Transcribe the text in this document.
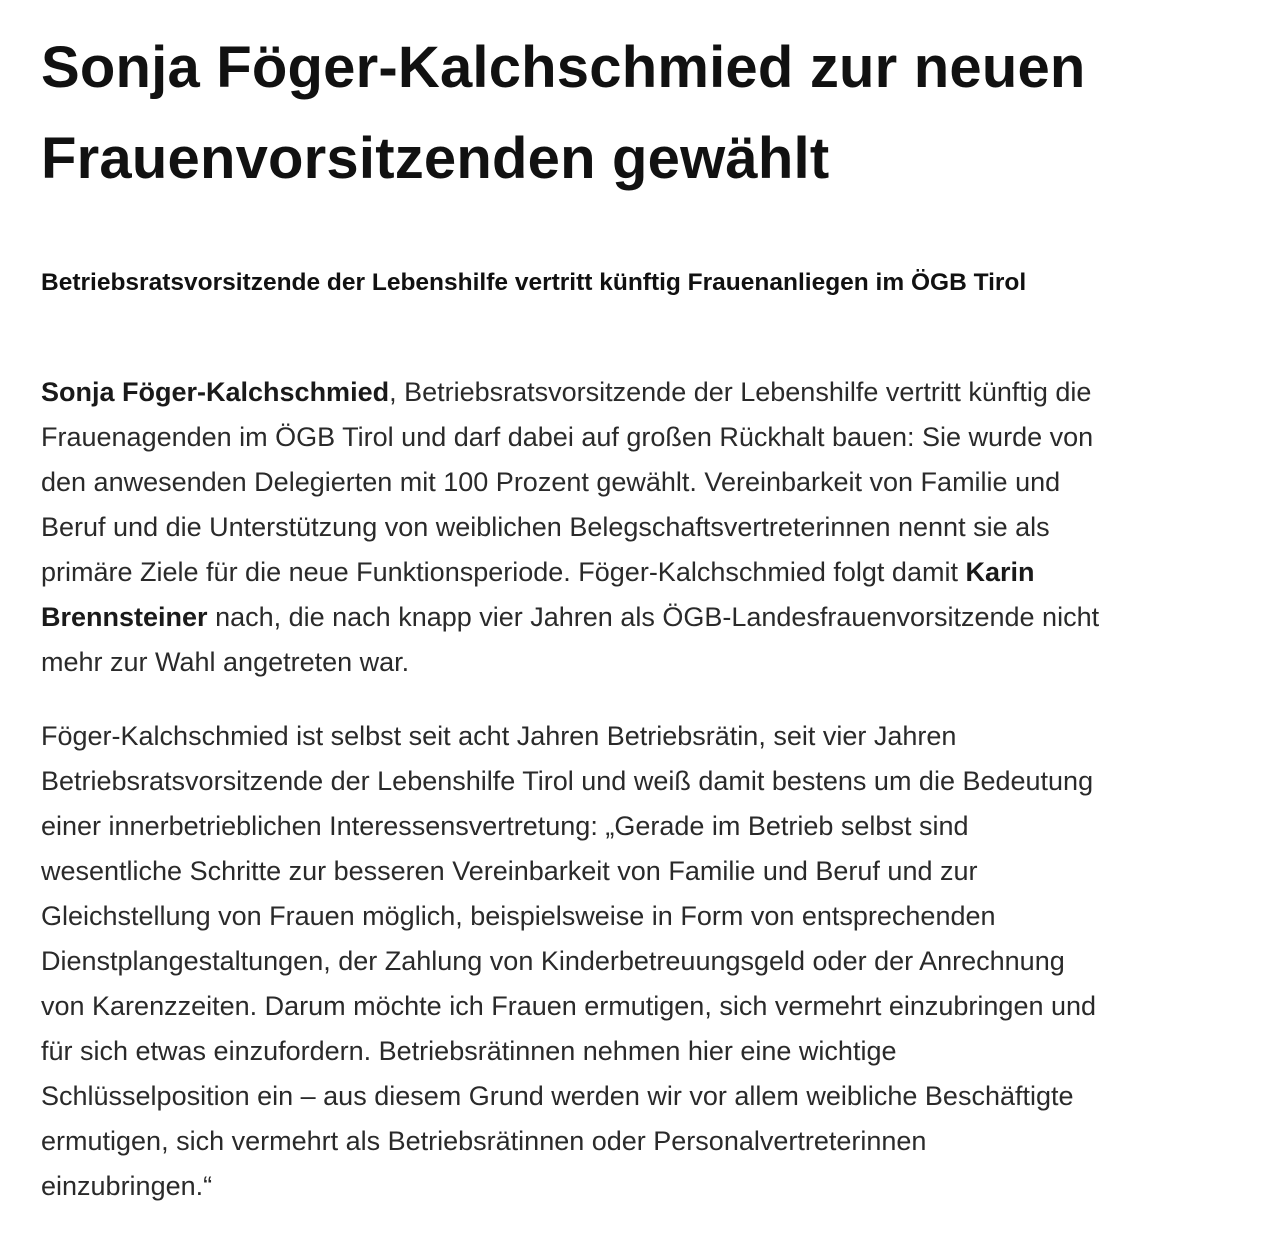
Sonja Föger-Kalchschmied zur neuen
Frauenvorsitzenden gewählt

Betriebsratsvorsitzende der Lebenshilfe vertritt künftig Frauenanliegen im ÖGB Tirol

Sonja Föger-Kalchschmied, Betriebsratsvorsitzende der Lebenshilfe vertritt künftig die
Frauenagenden im ÖGB Tirol und darf dabei auf großen Rückhalt bauen: Sie wurde von
den anwesenden Delegierten mit 100 Prozent gewählt. Vereinbarkeit von Familie und
Beruf und die Unterstützung von weiblichen Belegschaftsvertreterinnen nennt sie als
primäre Ziele für die neue Funktionsperiode. Föger-Kalchschmied folgt damit Karin
Brennsteiner nach, die nach knapp vier Jahren als ÖGB-Landesfrauenvorsitzende nicht
mehr zur Wahl angetreten war.

Föger-Kalchschmied ist selbst seit acht Jahren Betriebsrätin, seit vier Jahren
Betriebsratsvorsitzende der Lebenshilfe Tirol und weiß damit bestens um die Bedeutung
einer innerbetrieblichen Interessensvertretung: „Gerade im Betrieb selbst sind
wesentliche Schritte zur besseren Vereinbarkeit von Familie und Beruf und zur
Gleichstellung von Frauen möglich, beispielsweise in Form von entsprechenden
Dienstplangestaltungen, der Zahlung von Kinderbetreuungsgeld oder der Anrechnung
von Karenzzeiten. Darum möchte ich Frauen ermutigen, sich vermehrt einzubringen und
für sich etwas einzufordern. Betriebsrätinnen nehmen hier eine wichtige
Schlüsselposition ein – aus diesem Grund werden wir vor allem weibliche Beschäftigte
ermutigen, sich vermehrt als Betriebsrätinnen oder Personalvertreterinnen
einzubringen.“
